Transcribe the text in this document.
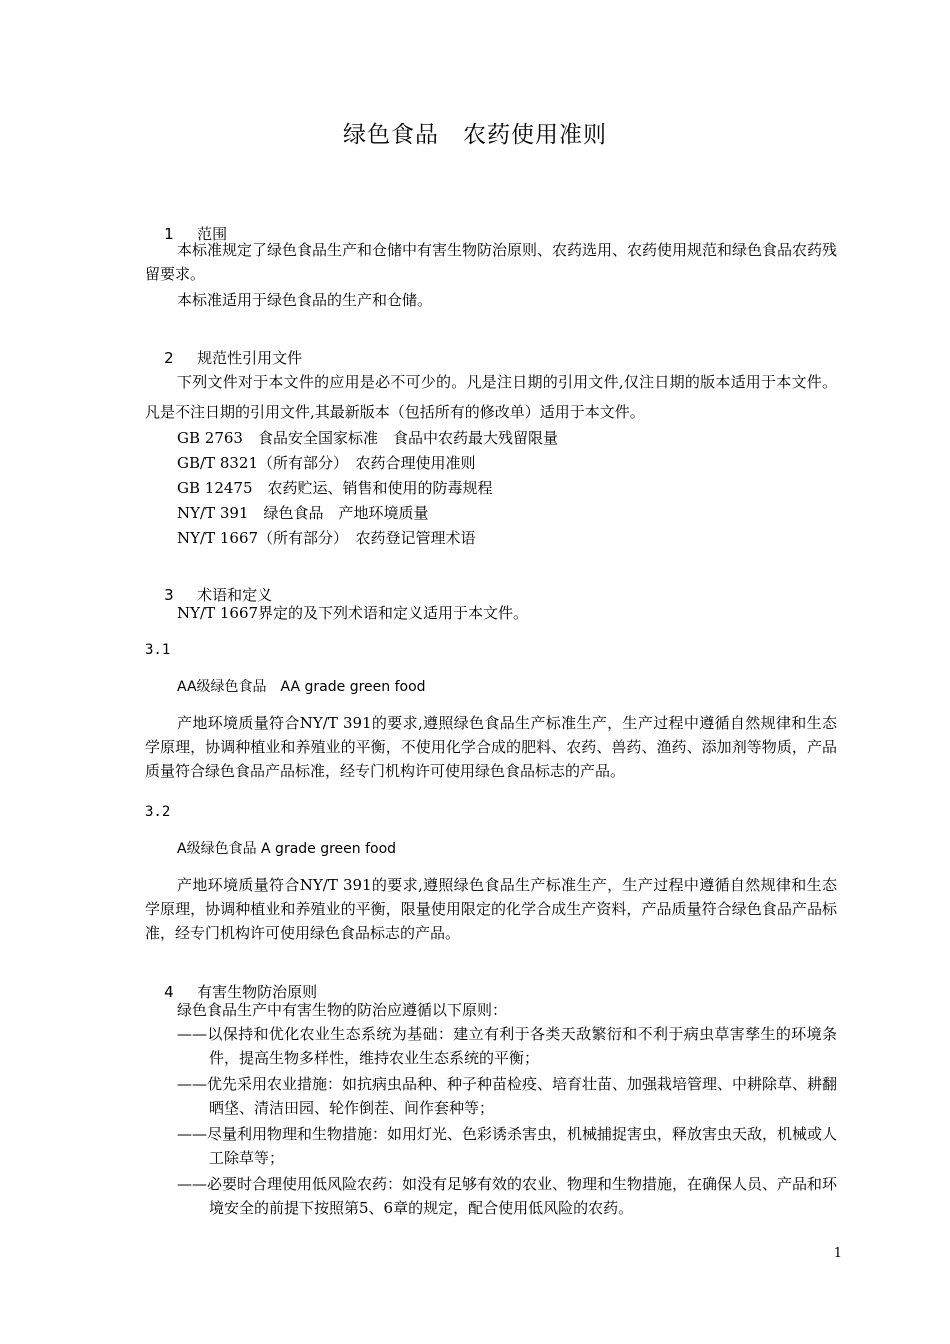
绿色食品　农药使用准则

1 范围

本标准规定了绿色食品生产和仓储中有害生物防治原则、农药选用、农药使用规范和绿色食品农药残留要求。
本标准适用于绿色食品的生产和仓储。

2 规范性引用文件

下列文件对于本文件的应用是必不可少的。凡是注日期的引用文件,仅注日期的版本适用于本文件。凡是不注日期的引用文件,其最新版本（包括所有的修改单）适用于本文件。
GB 2763　食品安全国家标准　食品中农药最大残留限量
GB/T 8321（所有部分）　农药合理使用准则
GB 12475　农药贮运、销售和使用的防毒规程
NY/T 391　绿色食品　产地环境质量
NY/T 1667（所有部分）　农药登记管理术语

3 术语和定义

NY/T 1667界定的及下列术语和定义适用于本文件。
3.1
AA级绿色食品　AA grade green food
产地环境质量符合NY/T 391的要求,遵照绿色食品生产标准生产，生产过程中遵循自然规律和生态学原理，协调种植业和养殖业的平衡，不使用化学合成的肥料、农药、兽药、渔药、添加剂等物质，产品质量符合绿色食品产品标准，经专门机构许可使用绿色食品标志的产品。
3.2
A级绿色食品 A grade green food
产地环境质量符合NY/T 391的要求,遵照绿色食品生产标准生产，生产过程中遵循自然规律和生态学原理，协调种植业和养殖业的平衡，限量使用限定的化学合成生产资料，产品质量符合绿色食品产品标准，经专门机构许可使用绿色食品标志的产品。

4 有害生物防治原则

绿色食品生产中有害生物的防治应遵循以下原则：
——以保持和优化农业生态系统为基础：建立有利于各类天敌繁衍和不利于病虫草害孳生的环境条件，提高生物多样性，维持农业生态系统的平衡；
——优先采用农业措施：如抗病虫品种、种子种苗检疫、培育壮苗、加强栽培管理、中耕除草、耕翻晒垡、清洁田园、轮作倒茬、间作套种等；
——尽量利用物理和生物措施：如用灯光、色彩诱杀害虫，机械捕捉害虫，释放害虫天敌，机械或人工除草等；
——必要时合理使用低风险农药：如没有足够有效的农业、物理和生物措施，在确保人员、产品和环境安全的前提下按照第5、6章的规定，配合使用低风险的农药。
1
